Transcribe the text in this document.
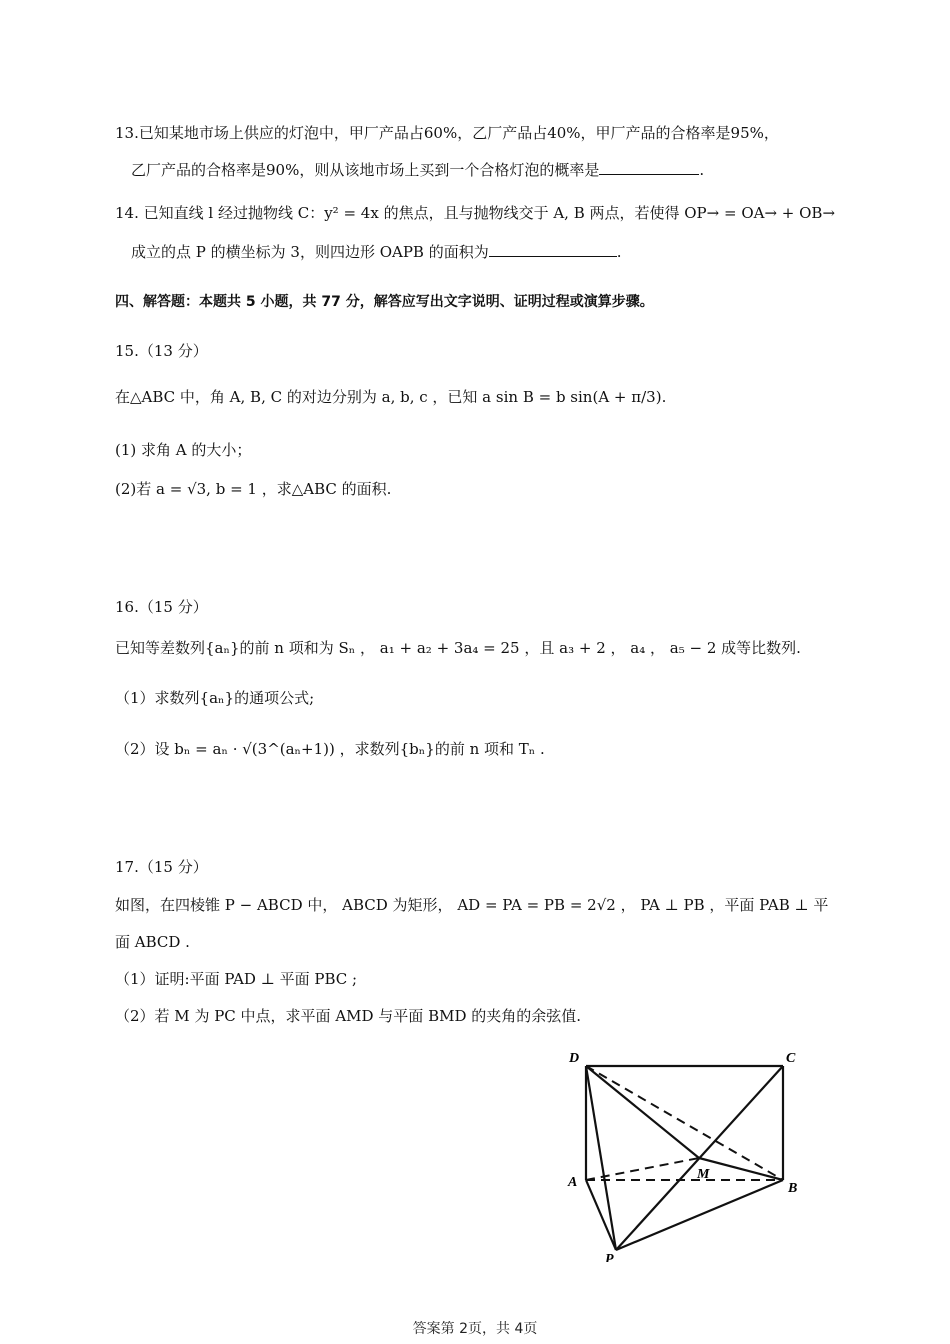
13.已知某地市场上供应的灯泡中，甲厂产品占60%，乙厂产品占40%，甲厂产品的合格率是95%，
乙厂产品的合格率是90%，则从该地市场上买到一个合格灯泡的概率是	.
14. 已知直线 l 经过抛物线 C：y² = 4x 的焦点，且与抛物线交于 A, B 两点，若使得 OP→ = OA→ + OB→
成立的点 P 的横坐标为 3，则四边形 OAPB 的面积为	.
四、解答题：本题共 5 小题，共 77 分，解答应写出文字说明、证明过程或演算步骤。
15.（13 分）
在△ABC 中，角 A, B, C 的对边分别为 a, b, c ，已知 a sin B = b sin(A + π/3).
(1) 求角 A 的大小；
(2)若 a = √3, b = 1 ，求△ABC 的面积.
16.（15 分）
已知等差数列{aₙ}的前 n 项和为 Sₙ ， a₁ + a₂ + 3a₄ = 25 ，且 a₃ + 2 ， a₄ ， a₅ − 2 成等比数列.
（1）求数列{aₙ}的通项公式;
（2）设 bₙ = aₙ · √(3^(aₙ+1)) ，求数列{bₙ}的前 n 项和 Tₙ .
17.（15 分）
如图，在四棱锥 P − ABCD 中， ABCD 为矩形， AD = PA = PB = 2√2 ， PA ⊥ PB ，平面 PAB ⊥ 平
面 ABCD .
（1）证明:平面 PAD ⊥ 平面 PBC ;
（2）若 M 为 PC 中点，求平面 AMD 与平面 BMD 的夹角的余弦值.
D	C
A	B
M
P
答案第 2页，共 4页
